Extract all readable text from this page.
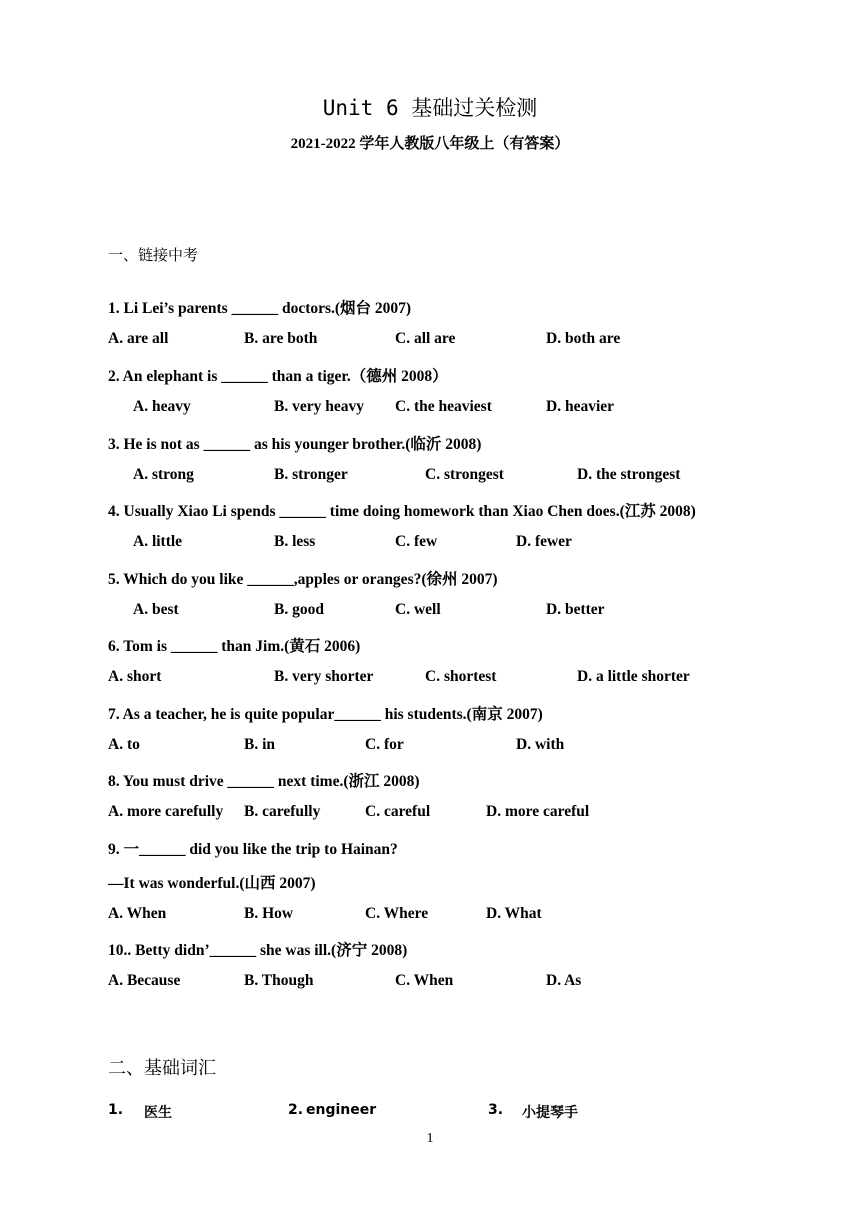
Unit 6 基础过关检测
2021-2022 学年人教版八年级上（有答案）
一、链接中考
1. Li Lei’s parents ______ doctors.(烟台 2007)
A. are all	B. are both	C. all are	D. both are
2. An elephant is ______ than a tiger.（德州 2008）
A. heavy	B. very heavy C. the heaviest	D. heavier
3. He is not as ______ as his younger brother.(临沂 2008)
A. strong	B. stronger	C. strongest	D. the strongest
4. Usually Xiao Li spends ______ time doing homework than Xiao Chen does.(江苏 2008)
A. little	B. less	C. few	D. fewer
5. Which do you like ______,apples or oranges?(徐州 2007)
A. best	B. good	C. well	D. better
6. Tom is ______ than Jim.(黄石 2006)
A. short	B. very shorter	C. shortest	D. a little shorter
7. As a teacher, he is quite popular______ his students.(南京 2007)
A. to	B. in	C. for	D. with
8. You must drive ______ next time.(浙江 2008)
A. more carefully B. carefully	C. careful	D. more careful
9. 一______ did you like the trip to Hainan?
—It was wonderful.(山西 2007)
A. When	B. How	C. Where	D. What
10.. Betty didn’______ she was ill.(济宁 2008)
A. Because	B. Though	C. When	D. As
二、基础词汇
1. 医生	2. engineer	3. 小提琴手
1
